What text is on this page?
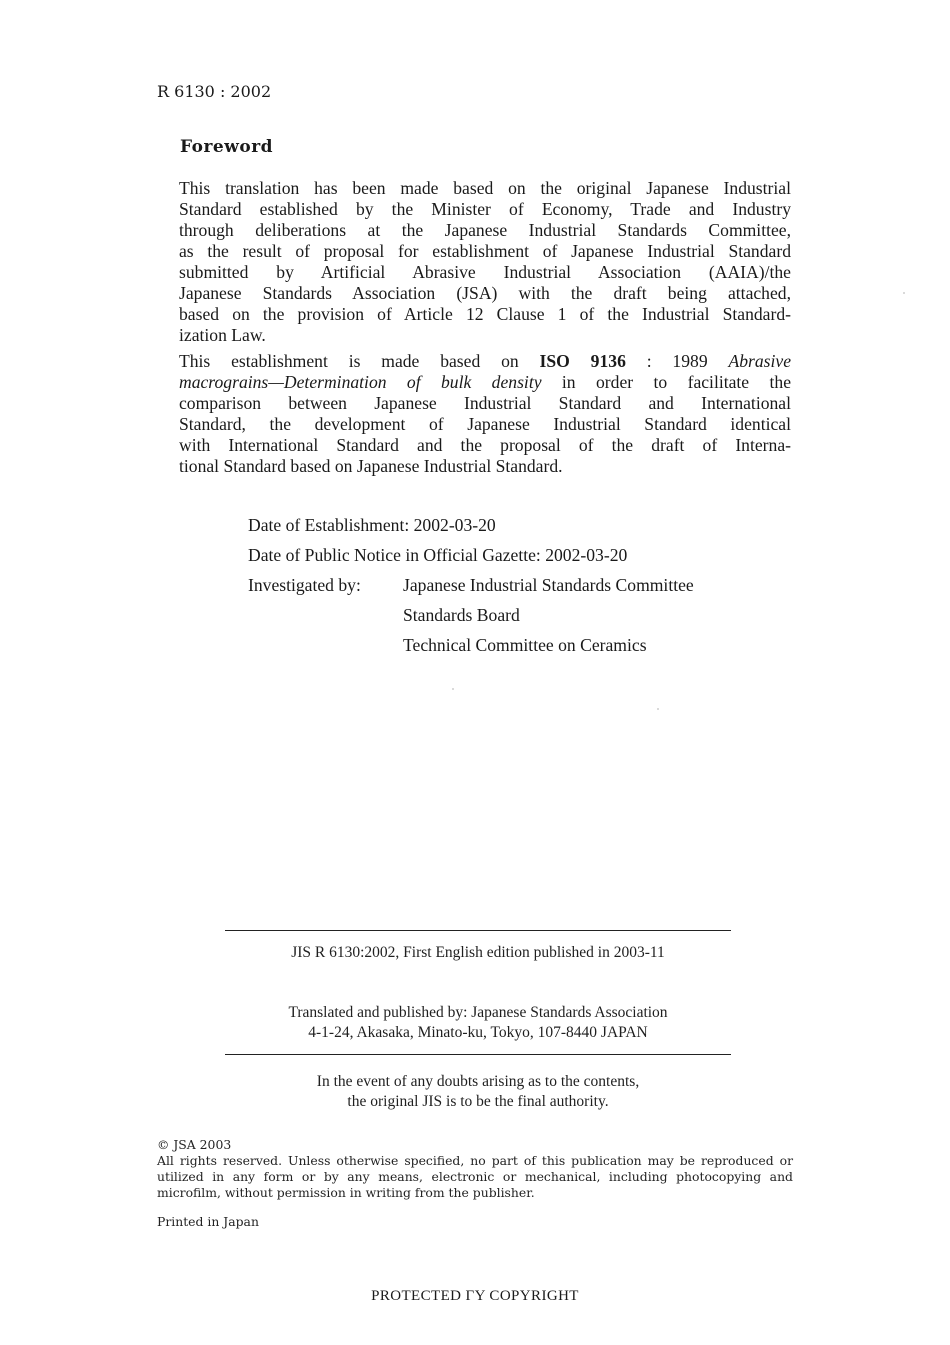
R 6130 : 2002
Foreword
This translation has been made based on the original Japanese Industrial
Standard established by the Minister of Economy, Trade and Industry
through deliberations at the Japanese Industrial Standards Committee,
as the result of proposal for establishment of Japanese Industrial Standard
submitted by Artificial Abrasive Industrial Association (AAIA)/the
Japanese Standards Association (JSA) with the draft being attached,
based on the provision of Article 12 Clause 1 of the Industrial Standard-
ization Law.
This establishment is made based on ISO 9136 : 1989 Abrasive
macrograins—Determination of bulk density in order to facilitate the
comparison between Japanese Industrial Standard and International
Standard, the development of Japanese Industrial Standard identical
with International Standard and the proposal of the draft of Interna-
tional Standard based on Japanese Industrial Standard.
Date of Establishment: 2002-03-20
Date of Public Notice in Official Gazette: 2002-03-20
Investigated by: Japanese Industrial Standards Committee
Standards Board
Technical Committee on Ceramics
JIS R 6130:2002, First English edition published in 2003-11
Translated and published by: Japanese Standards Association
4-1-24, Akasaka, Minato-ku, Tokyo, 107-8440 JAPAN
In the event of any doubts arising as to the contents,
the original JIS is to be the final authority.
© JSA 2003
All rights reserved. Unless otherwise specified, no part of this publication may be reproduced or
utilized in any form or by any means, electronic or mechanical, including photocopying and
microfilm, without permission in writing from the publisher.
Printed in Japan
PROTECTED ΓY COPYRIGHT
